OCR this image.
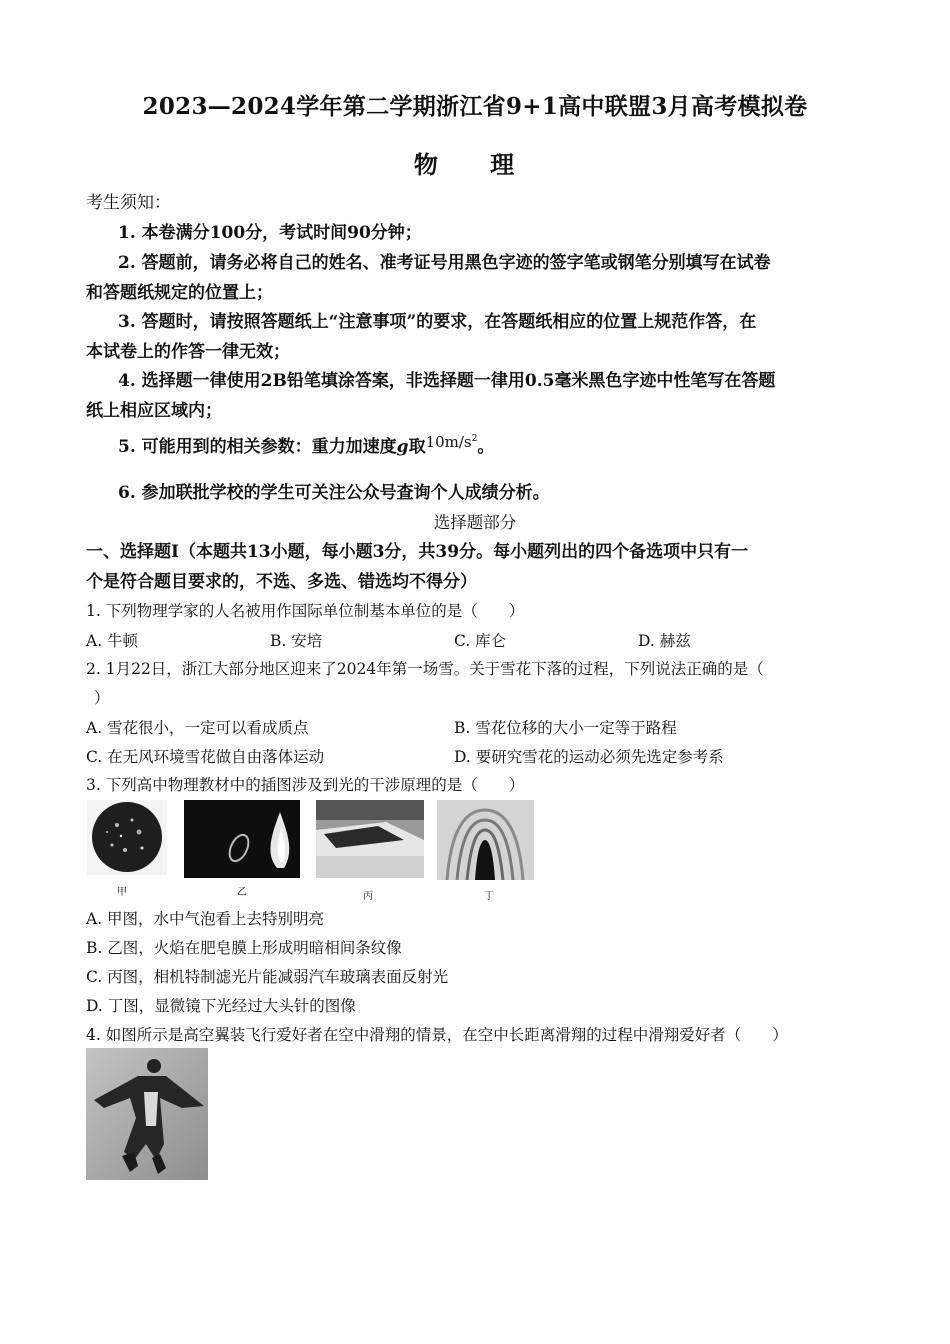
2023—2024学年第二学期浙江省9+1高中联盟3月高考模拟卷
物 理
考生须知：
1. 本卷满分100分，考试时间90分钟；
2. 答题前，请务必将自己的姓名、准考证号用黑色字迹的签字笔或钢笔分别填写在试卷
和答题纸规定的位置上；
3. 答题时，请按照答题纸上“注意事项”的要求，在答题纸相应的位置上规范作答，在
本试卷上的作答一律无效；
4. 选择题一律使用2B铅笔填涂答案，非选择题一律用0.5毫米黑色字迹中性笔写在答题
纸上相应区域内；
5. 可能用到的相关参数：重力加速度g取$10m/s^2$。
6. 参加联批学校的学生可关注公众号查询个人成绩分析。
选择题部分
一、选择题Ⅰ（本题共13小题，每小题3分，共39分。每小题列出的四个备选项中只有一
个是符合题目要求的，不选、多选、错选均不得分）
1. 下列物理学家的人名被用作国际单位制基本单位的是（　　）
A. 牛顿	B. 安培	C. 库仑	D. 赫兹
2. 1月22日，浙江大部分地区迎来了2024年第一场雪。关于雪花下落的过程，下列说法正确的是（
）
A. 雪花很小，一定可以看成质点	B. 雪花位移的大小一定等于路程
C. 在无风环境雪花做自由落体运动	D. 要研究雪花的运动必须先选定参考系
3. 下列高中物理教材中的插图涉及到光的干涉原理的是（　　）
甲	乙	丙	丁
A. 甲图，水中气泡看上去特别明亮
B. 乙图，火焰在肥皂膜上形成明暗相间条纹像
C. 丙图，相机特制滤光片能减弱汽车玻璃表面反射光
D. 丁图，显微镜下光经过大头针的图像
4. 如图所示是高空翼装飞行爱好者在空中滑翔的情景，在空中长距离滑翔的过程中滑翔爱好者（　　）
